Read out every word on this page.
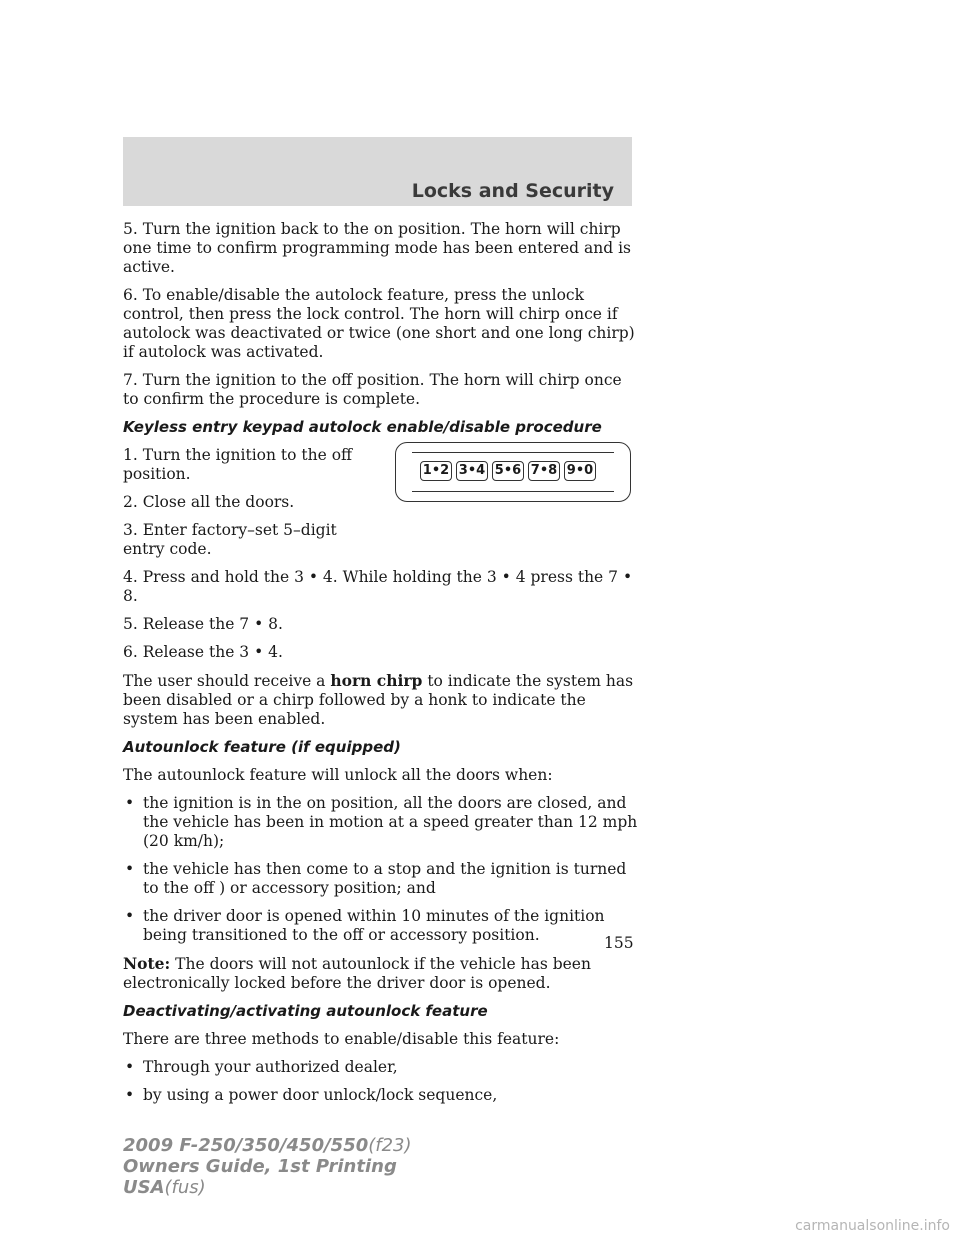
Locks and Security

5. Turn the ignition back to the on position. The horn will chirp one time to confirm programming mode has been entered and is active.

6. To enable/disable the autolock feature, press the unlock control, then press the lock control. The horn will chirp once if autolock was deactivated or twice (one short and one long chirp) if autolock was activated.

7. Turn the ignition to the off position. The horn will chirp once to confirm the procedure is complete.

Keyless entry keypad autolock enable/disable procedure
1•2 3•4 5•6 7•8 9•0

1. Turn the ignition to the off position.

2. Close all the doors.

3. Enter factory–set 5–digit entry code.

4. Press and hold the 3 • 4. While holding the 3 • 4 press the 7 • 8.

5. Release the 7 • 8.

6. Release the 3 • 4.

The user should receive a horn chirp to indicate the system has been disabled or a chirp followed by a honk to indicate the system has been enabled.

Autounlock feature (if equipped)

The autounlock feature will unlock all the doors when:

• the ignition is in the on position, all the doors are closed, and the vehicle has been in motion at a speed greater than 12 mph (20 km/h);
• the vehicle has then come to a stop and the ignition is turned to the off ) or accessory position; and
• the driver door is opened within 10 minutes of the ignition being transitioned to the off or accessory position.

Note: The doors will not autounlock if the vehicle has been electronically locked before the driver door is opened.

Deactivating/activating autounlock feature

There are three methods to enable/disable this feature:

• Through your authorized dealer,
• by using a power door unlock/lock sequence,
155
2009 F-250/350/450/550(f23)
Owners Guide, 1st Printing
USA(fus)
carmanualsonline.info
